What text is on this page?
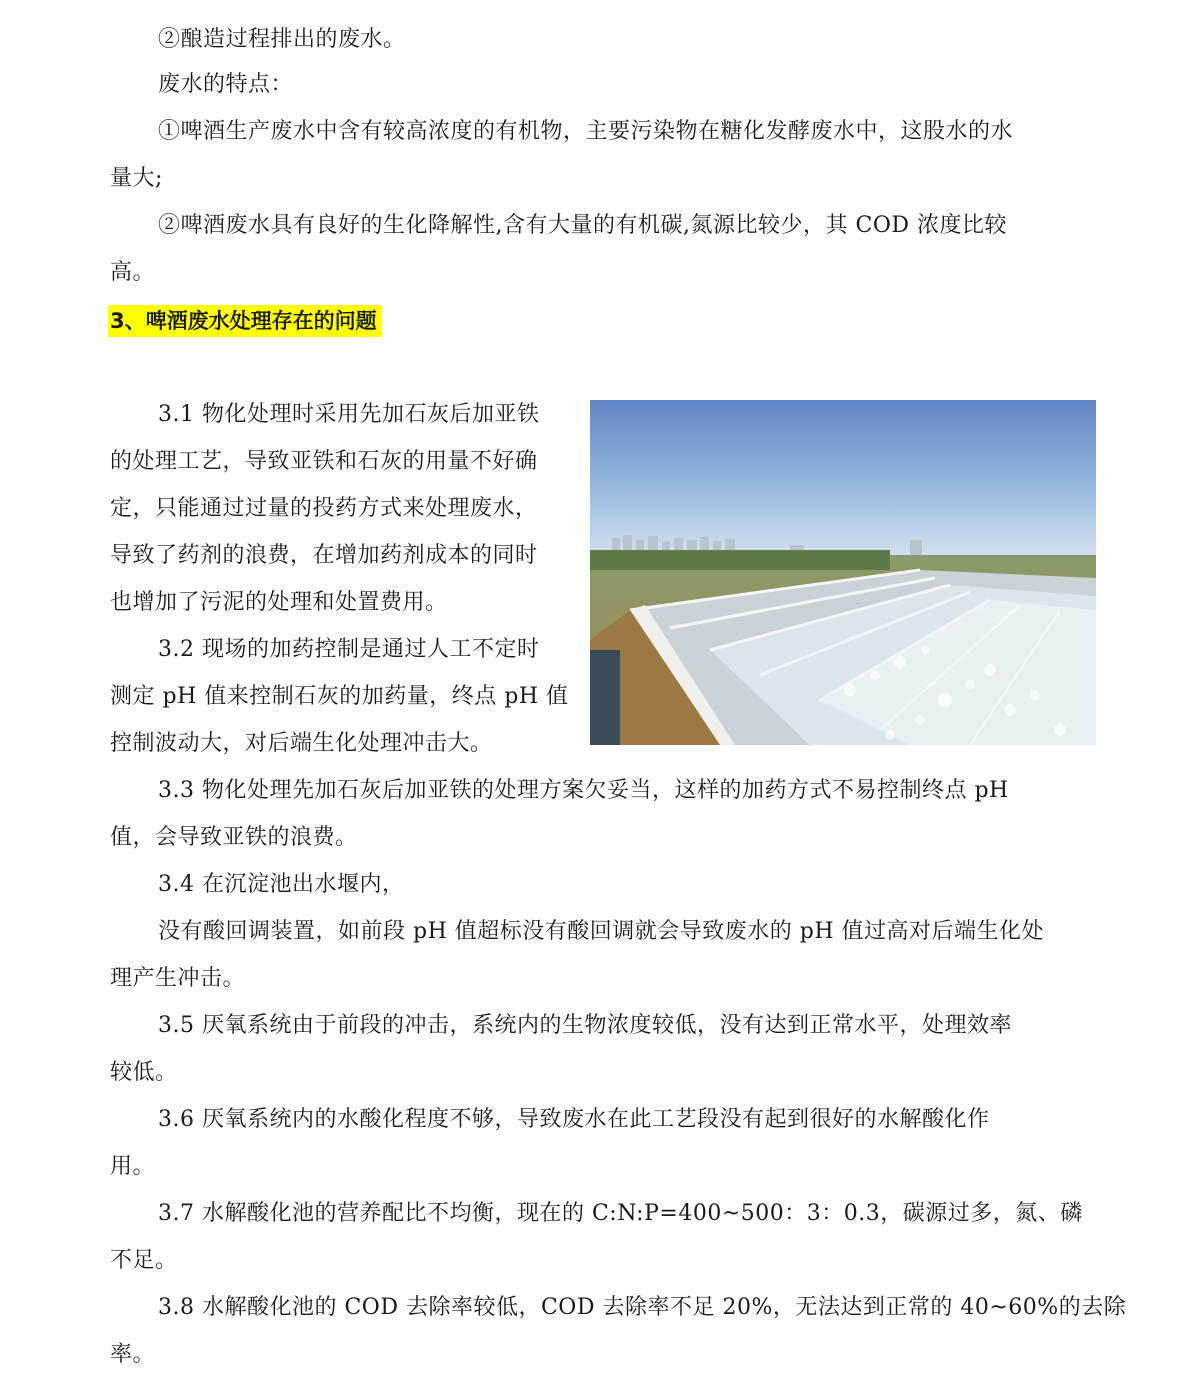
②酿造过程排出的废水。
废水的特点：
①啤酒生产废水中含有较高浓度的有机物，主要污染物在糖化发酵废水中，这股水的水
量大;
②啤酒废水具有良好的生化降解性,含有大量的有机碳,氮源比较少，其 COD 浓度比较
高。
3、啤酒废水处理存在的问题
3.1 物化处理时采用先加石灰后加亚铁
的处理工艺，导致亚铁和石灰的用量不好确
定，只能通过过量的投药方式来处理废水，
导致了药剂的浪费，在增加药剂成本的同时
也增加了污泥的处理和处置费用。
3.2 现场的加药控制是通过人工不定时
测定 pH 值来控制石灰的加药量，终点 pH 值
控制波动大，对后端生化处理冲击大。
3.3 物化处理先加石灰后加亚铁的处理方案欠妥当，这样的加药方式不易控制终点 pH
值，会导致亚铁的浪费。
3.4 在沉淀池出水堰内，
没有酸回调装置，如前段 pH 值超标没有酸回调就会导致废水的 pH 值过高对后端生化处
理产生冲击。
3.5 厌氧系统由于前段的冲击，系统内的生物浓度较低，没有达到正常水平，处理效率
较低。
3.6 厌氧系统内的水酸化程度不够，导致废水在此工艺段没有起到很好的水解酸化作
用。
3.7 水解酸化池的营养配比不均衡，现在的 C:N:P=400~500：3：0.3，碳源过多，氮、磷
不足。
3.8 水解酸化池的 COD 去除率较低，COD 去除率不足 20%，无法达到正常的 40~60%的去除
率。
